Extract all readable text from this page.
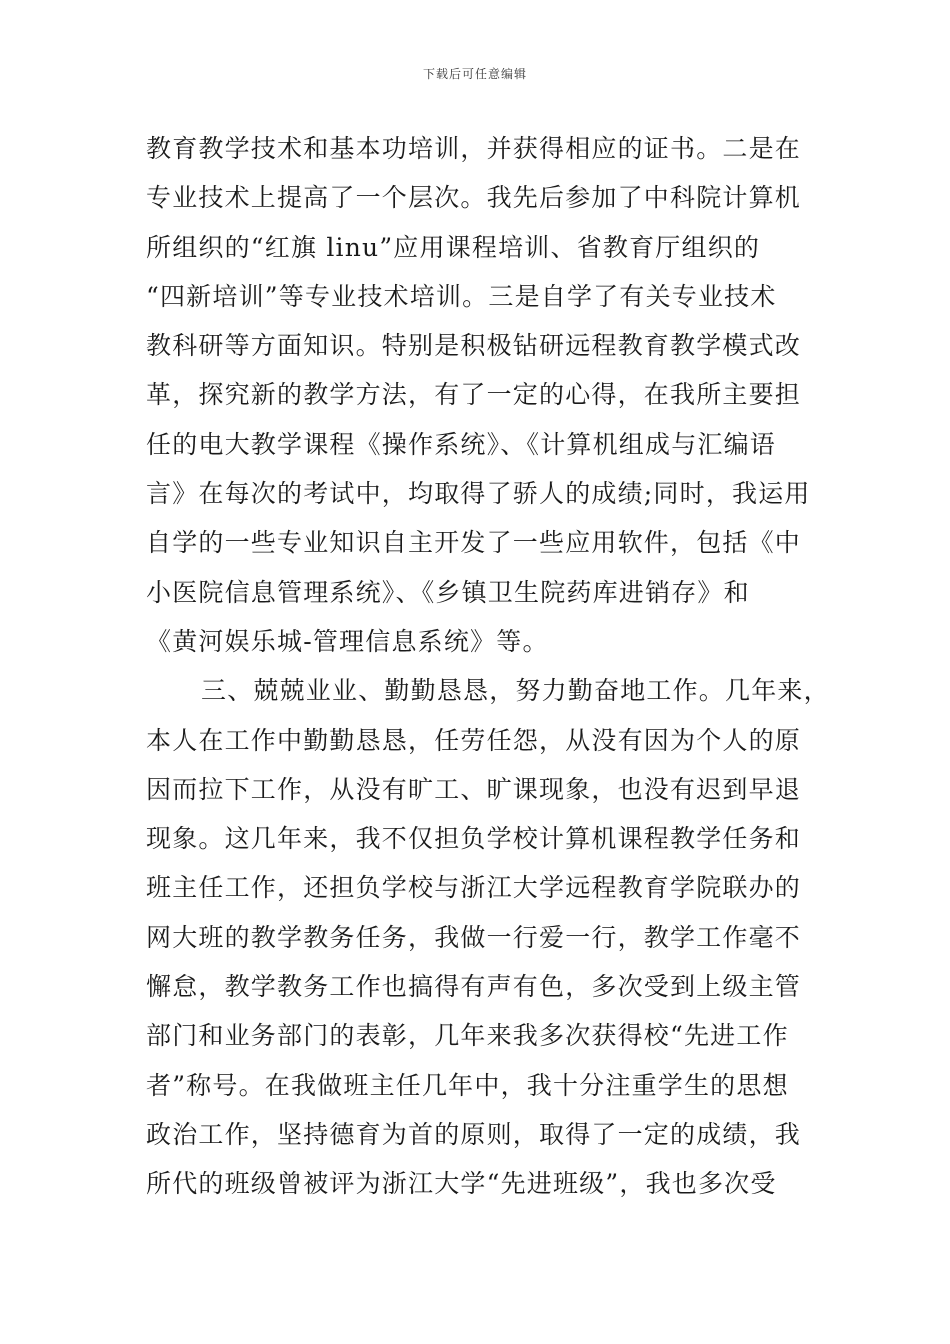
下载后可任意编辑
教育教学技术和基本功培训，并获得相应的证书。二是在
专业技术上提高了一个层次。我先后参加了中科院计算机
所组织的“红旗 linu”应用课程培训、省教育厅组织的
“四新培训”等专业技术培训。三是自学了有关专业技术
教科研等方面知识。特别是积极钻研远程教育教学模式改
革，探究新的教学方法，有了一定的心得，在我所主要担
任的电大教学课程《操作系统》、《计算机组成与汇编语
言》在每次的考试中，均取得了骄人的成绩;同时，我运用
自学的一些专业知识自主开发了一些应用软件，包括《中
小医院信息管理系统》、《乡镇卫生院药库进销存》和
《黄河娱乐城-管理信息系统》等。
三、兢兢业业、勤勤恳恳，努力勤奋地工作。几年来，
本人在工作中勤勤恳恳，任劳任怨，从没有因为个人的原
因而拉下工作，从没有旷工、旷课现象，也没有迟到早退
现象。这几年来，我不仅担负学校计算机课程教学任务和
班主任工作，还担负学校与浙江大学远程教育学院联办的
网大班的教学教务任务，我做一行爱一行，教学工作毫不
懈怠，教学教务工作也搞得有声有色，多次受到上级主管
部门和业务部门的表彰，几年来我多次获得校“先进工作
者”称号。在我做班主任几年中，我十分注重学生的思想
政治工作，坚持德育为首的原则，取得了一定的成绩，我
所代的班级曾被评为浙江大学“先进班级”，我也多次受
